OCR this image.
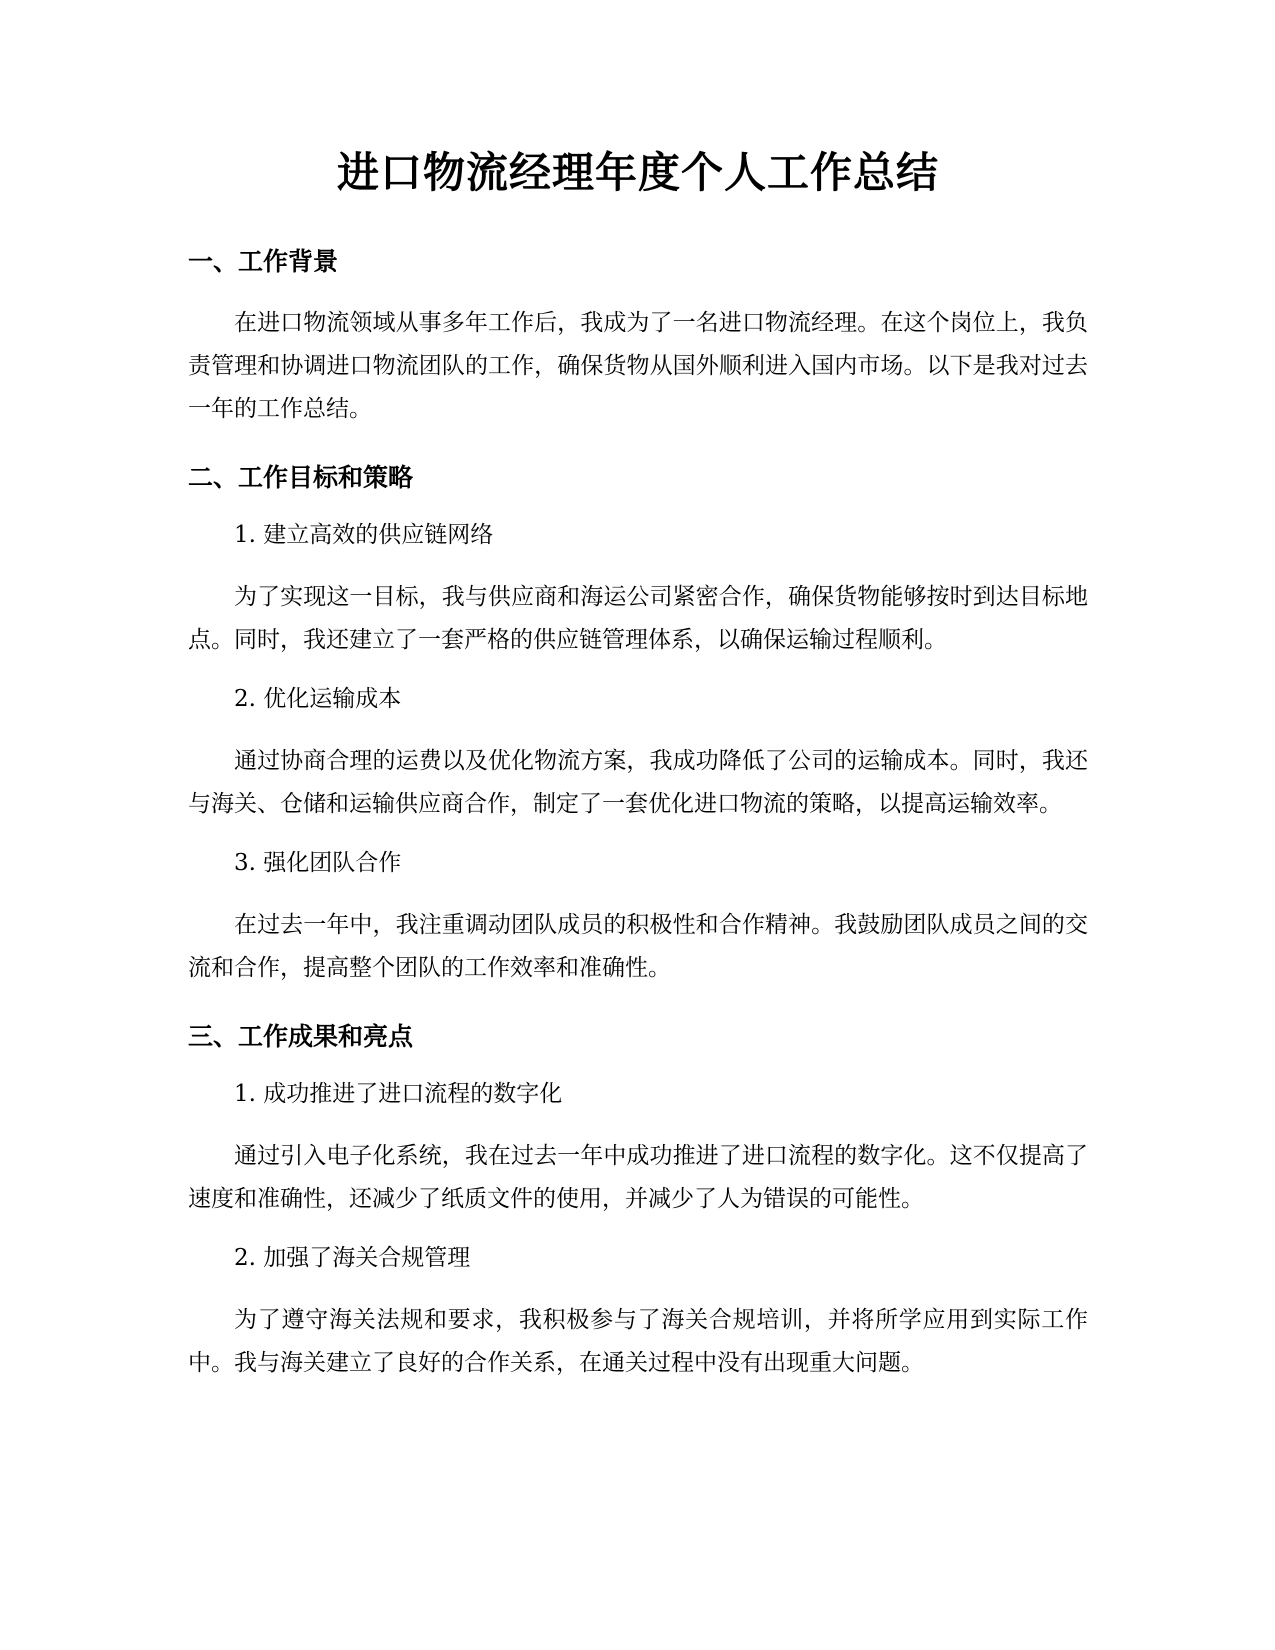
进口物流经理年度个人工作总结
一、工作背景

在进口物流领域从事多年工作后，我成为了一名进口物流经理。在这个岗位上，我负责管理和协调进口物流团队的工作，确保货物从国外顺利进入国内市场。以下是我对过去一年的工作总结。

二、工作目标和策略

1. 建立高效的供应链网络

为了实现这一目标，我与供应商和海运公司紧密合作，确保货物能够按时到达目标地点。同时，我还建立了一套严格的供应链管理体系，以确保运输过程顺利。

2. 优化运输成本

通过协商合理的运费以及优化物流方案，我成功降低了公司的运输成本。同时，我还与海关、仓储和运输供应商合作，制定了一套优化进口物流的策略，以提高运输效率。

3. 强化团队合作

在过去一年中，我注重调动团队成员的积极性和合作精神。我鼓励团队成员之间的交流和合作，提高整个团队的工作效率和准确性。

三、工作成果和亮点

1. 成功推进了进口流程的数字化

通过引入电子化系统，我在过去一年中成功推进了进口流程的数字化。这不仅提高了速度和准确性，还减少了纸质文件的使用，并减少了人为错误的可能性。

2. 加强了海关合规管理

为了遵守海关法规和要求，我积极参与了海关合规培训，并将所学应用到实际工作中。我与海关建立了良好的合作关系，在通关过程中没有出现重大问题。
